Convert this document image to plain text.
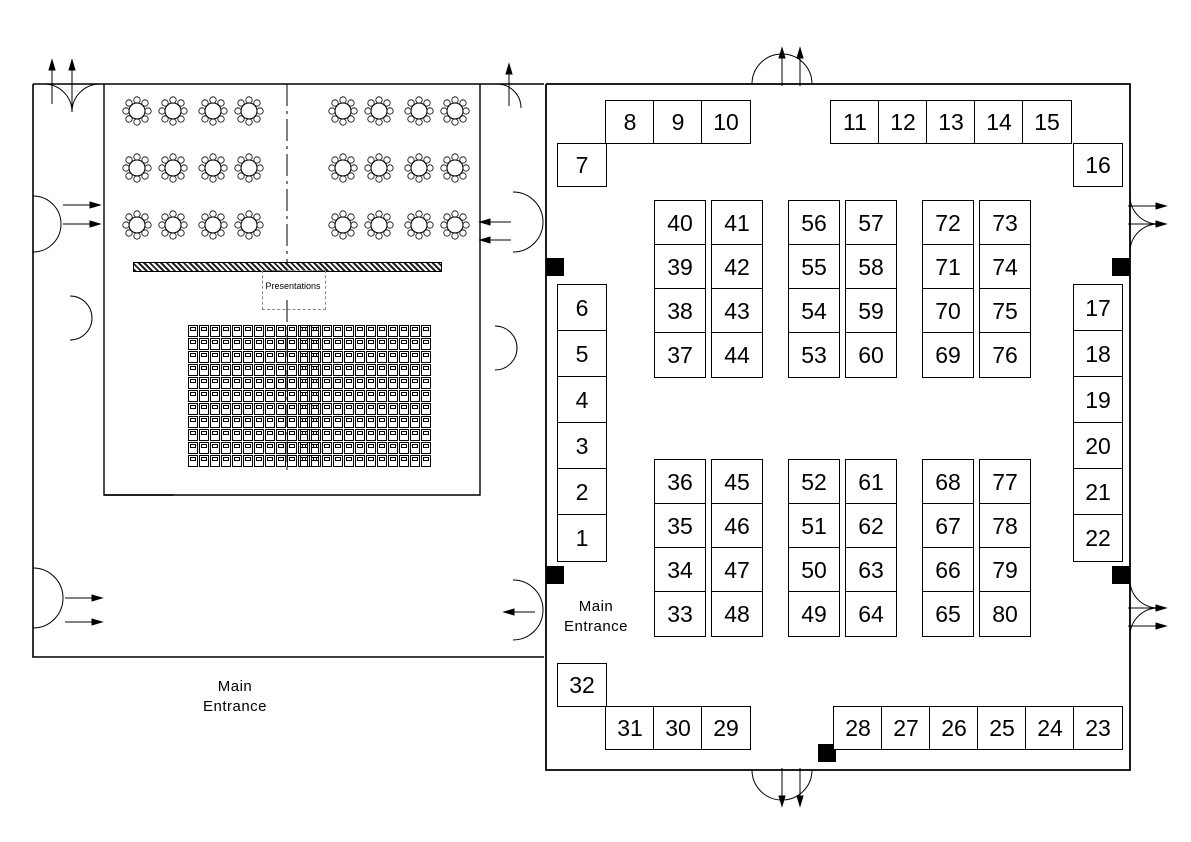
Presentations
Main
Entrance
Main
Entrance
8	9	10	11	12 13 14 15
7	16
6
5
4
3
2
1
17
18
19
20
21
22
32
31 30 29	28 27 26 25 24 23
40
39
38
37
41
42
43
44
56
55
54
53
57
58
59
60
72
71
70
69
73
74
75
76
36
35
34
33
45
46
47
48
52
51
50
49
61
62
63
64
68
67
66
65
77
78
79
80
